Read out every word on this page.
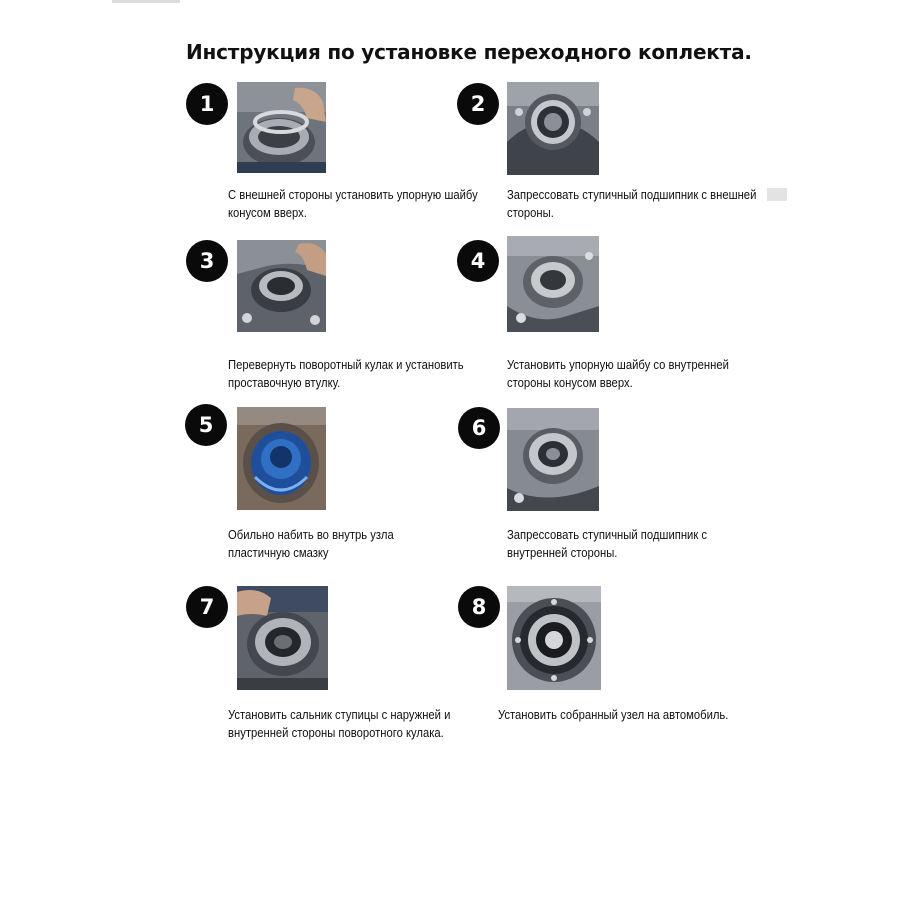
Инструкция по установке переходного коплекта.
1

С внешней стороны установить упорную шайбу
конусом вверх.

2

Запрессовать ступичный подшипник с внешней
стороны.

3

Перевернуть поворотный кулак и установить
проставочную втулку.

4

Установить упорную шайбу со внутренней
стороны конусом вверх.

5

Обильно набить во внутрь узла
пластичную смазку

6

Запрессовать ступичный подшипник с
внутренней стороны.

7

Установить сальник ступицы с наружней и
внутренней стороны поворотного кулака.

8

Установить собранный узел на автомобиль.
